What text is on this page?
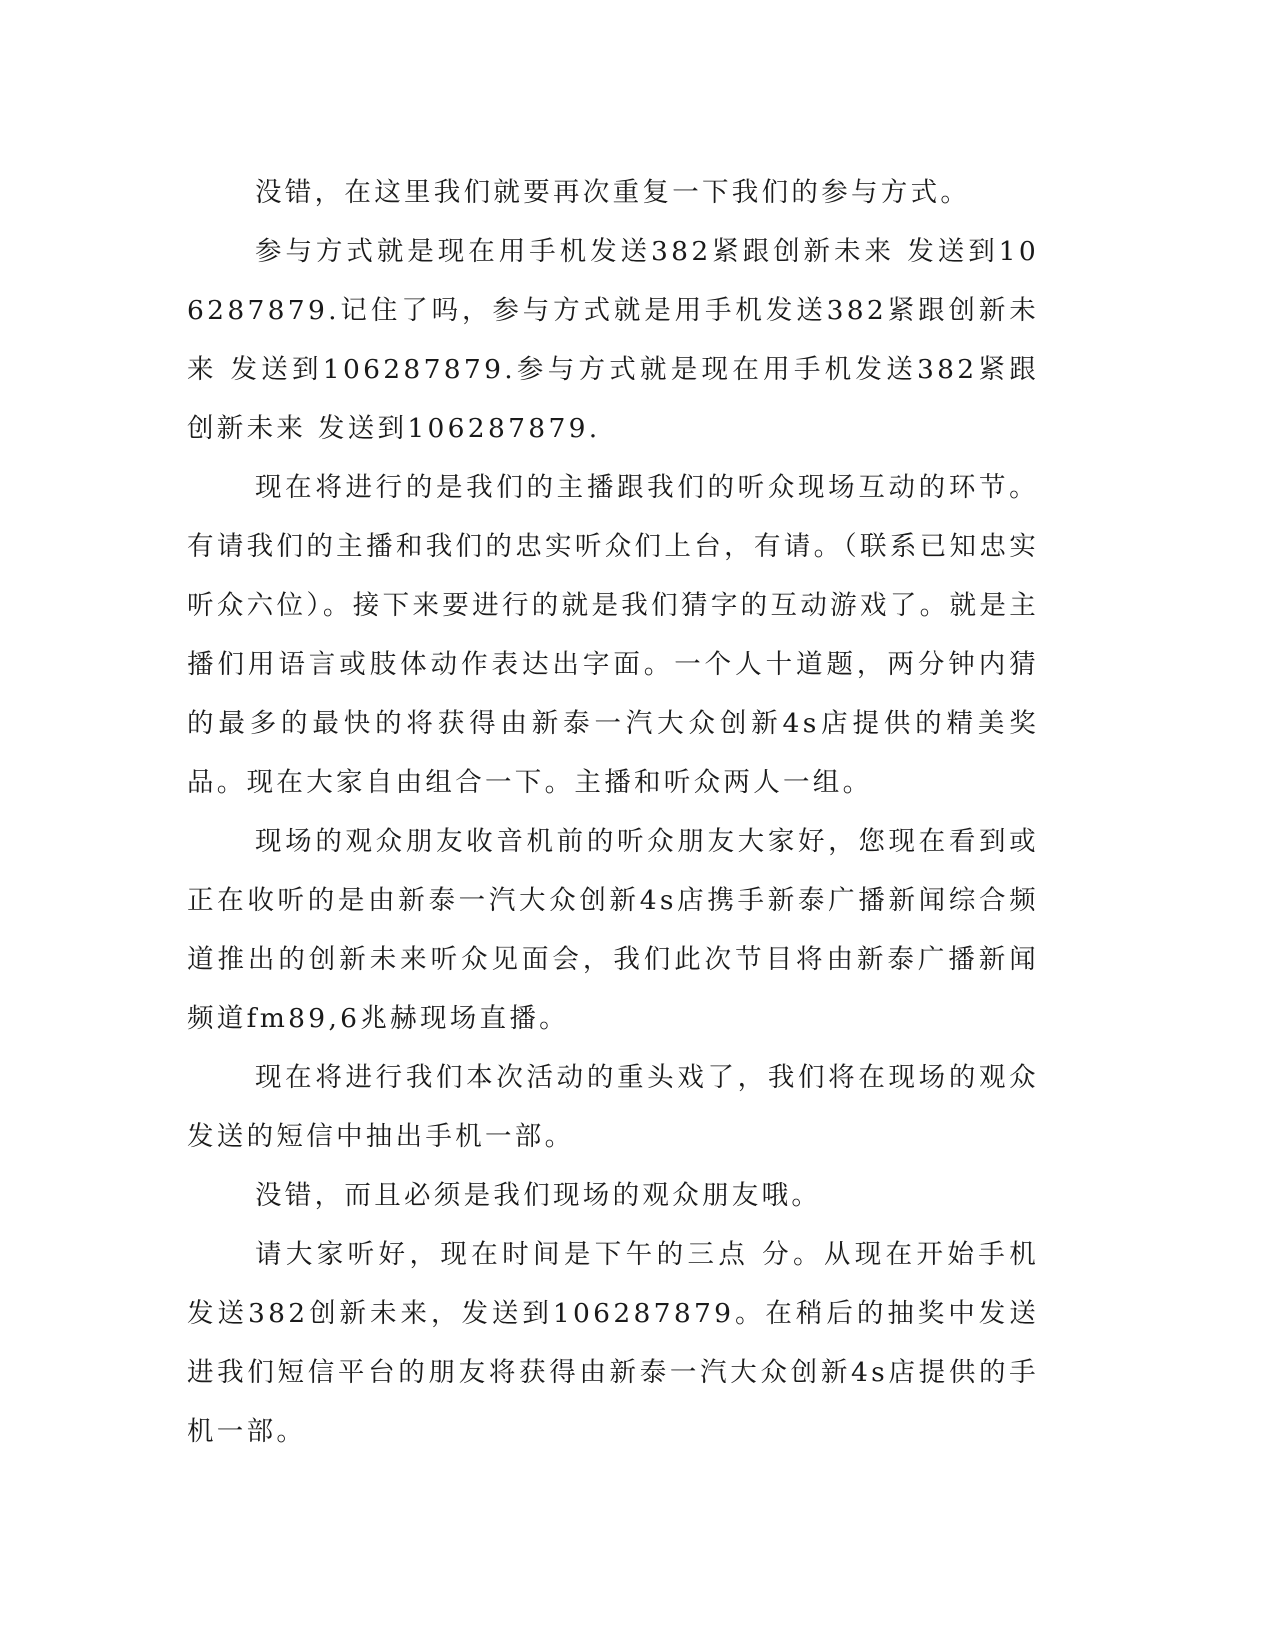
没错，在这里我们就要再次重复一下我们的参与方式。

参与方式就是现在用手机发送382紧跟创新未来 发送到106287879.记住了吗，参与方式就是用手机发送382紧跟创新未来 发送到106287879.参与方式就是现在用手机发送382紧跟创新未来 发送到106287879.

现在将进行的是我们的主播跟我们的听众现场互动的环节。有请我们的主播和我们的忠实听众们上台，有请。（联系已知忠实听众六位）。接下来要进行的就是我们猜字的互动游戏了。就是主播们用语言或肢体动作表达出字面。一个人十道题，两分钟内猜的最多的最快的将获得由新泰一汽大众创新4s店提供的精美奖品。现在大家自由组合一下。主播和听众两人一组。

现场的观众朋友收音机前的听众朋友大家好，您现在看到或正在收听的是由新泰一汽大众创新4s店携手新泰广播新闻综合频道推出的创新未来听众见面会，我们此次节目将由新泰广播新闻频道fm89,6兆赫现场直播。

现在将进行我们本次活动的重头戏了，我们将在现场的观众发送的短信中抽出手机一部。

没错，而且必须是我们现场的观众朋友哦。

请大家听好，现在时间是下午的三点 分。从现在开始手机发送382创新未来，发送到106287879。在稍后的抽奖中发送进我们短信平台的朋友将获得由新泰一汽大众创新4s店提供的手机一部。
